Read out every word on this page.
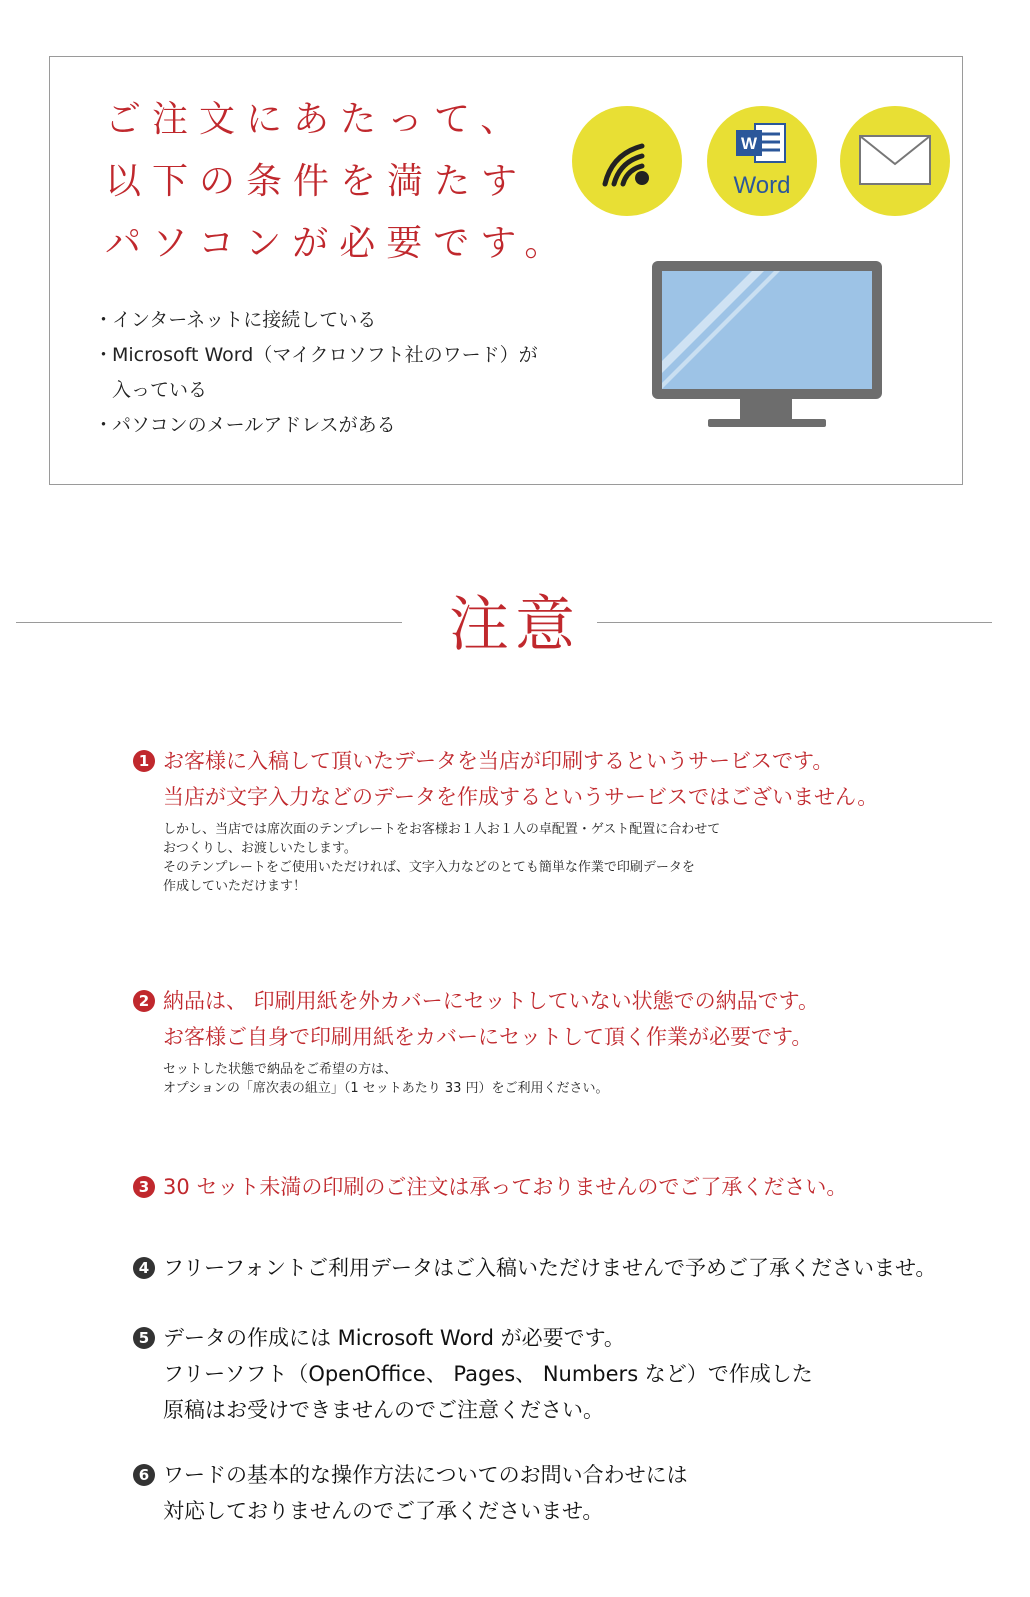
ご注文にあたって、
以下の条件を満たす
パソコンが必要です。
・インターネットに接続している
・Microsoft Word（マイクロソフト社のワード）が
入っている
・パソコンのメールアドレスがある
W
Word
注意
1 お客様に入稿して頂いたデータを当店が印刷するというサービスです。
当店が文字入力などのデータを作成するというサービスではございません。
しかし、当店では席次面のテンプレートをお客様お１人お１人の卓配置・ゲスト配置に合わせて
おつくりし、お渡しいたします。
そのテンプレートをご使用いただければ、文字入力などのとても簡単な作業で印刷データを
作成していただけます！
2 納品は、 印刷用紙を外カバーにセットしていない状態での納品です。
お客様ご自身で印刷用紙をカバーにセットして頂く作業が必要です。
セットした状態で納品をご希望の方は、
オプションの「席次表の組立」（1 セットあたり 33 円）をご利用ください。
3 30 セット未満の印刷のご注文は承っておりませんのでご了承ください。
4 フリーフォントご利用データはご入稿いただけませんで予めご了承くださいませ。
5 データの作成には Microsoft Word が必要です。
フリーソフト（OpenOffice、 Pages、 Numbers など）で作成した
原稿はお受けできませんのでご注意ください。
6 ワードの基本的な操作方法についてのお問い合わせには
対応しておりませんのでご了承くださいませ。
